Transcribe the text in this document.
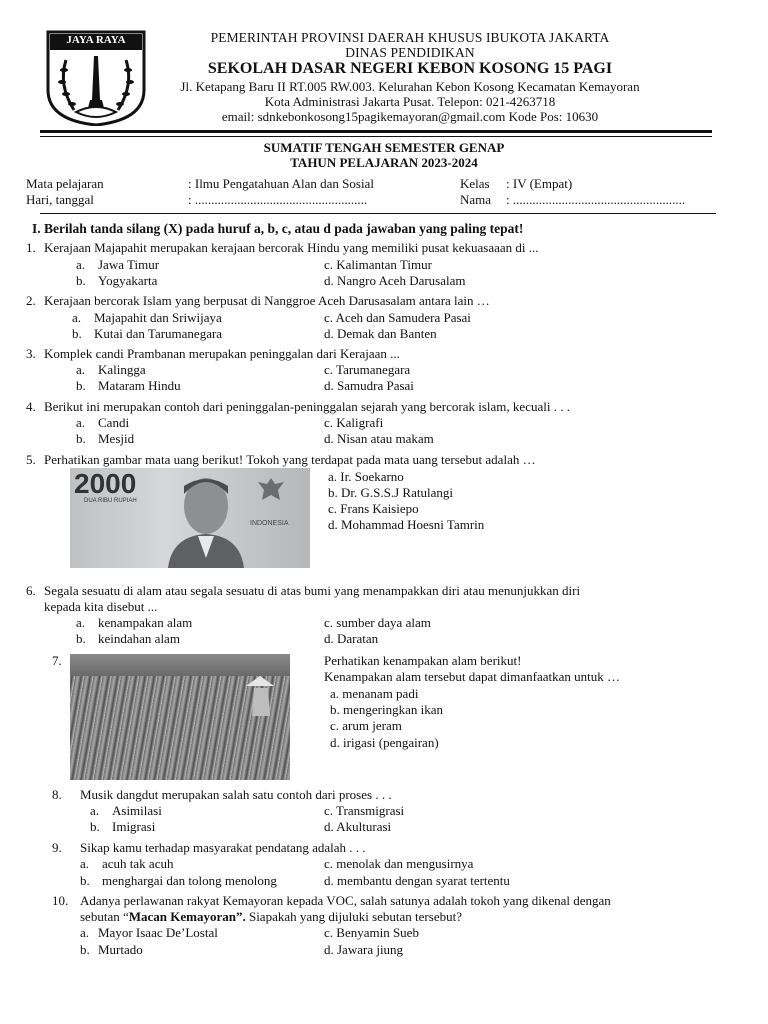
JAYA RAYA	PEMERINTAH PROVINSI DAERAH KHUSUS IBUKOTA JAKARTA
DINAS PENDIDIKAN
SEKOLAH DASAR NEGERI KEBON KOSONG 15 PAGI
Jl. Ketapang Baru II RT.005 RW.003. Kelurahan Kebon Kosong Kecamatan Kemayoran
Kota Administrasi Jakarta Pusat. Telepon: 021-4263718
email: sdnkebonkosong15pagikemayoran@gmail.com Kode Pos: 10630
SUMATIF TENGAH SEMESTER GENAP
TAHUN PELAJARAN 2023-2024
Mata pelajaran	: Ilmu Pengatahuan Alan dan Sosial
Hari, tanggal	: .....................................................
Kelas : IV (Empat)
Nama : .....................................................
I. Berilah tanda silang (X) pada huruf a, b, c, atau d pada jawaban yang paling tepat!
1. Kerajaan Majapahit merupakan kerajaan bercorak Hindu yang memiliki pusat kekuasaaan di ...
a. Jawa Timur
b. Yogyakarta
c. Kalimantan Timur
d. Nangro Aceh Darusalam
2. Kerajaan bercorak Islam yang berpusat di Nanggroe Aceh Darusasalam antara lain …
a. Majapahit dan Sriwijaya
b. Kutai dan Tarumanegara
c. Aceh dan Samudera Pasai
d. Demak dan Banten
3. Komplek candi Prambanan merupakan peninggalan dari Kerajaan ...
a. Kalingga
b. Mataram Hindu
c. Tarumanegara
d. Samudra Pasai
4. Berikut ini merupakan contoh dari peninggalan-peninggalan sejarah yang bercorak islam, kecuali . . .
a. Candi
b. Mesjid
c. Kaligrafi
d. Nisan atau makam
5. Perhatikan gambar mata uang berikut! Tokoh yang terdapat pada mata uang tersebut adalah …
2000
DUA RIBU RUPIAH
INDONESIA
a. Ir. Soekarno
b. Dr. G.S.S.J Ratulangi
c. Frans Kaisiepo
d. Mohammad Hoesni Tamrin
6. Segala sesuatu di alam atau segala sesuatu di atas bumi yang menampakkan diri atau menunjukkan diri
kepada kita disebut ...
a. kenampakan alam
b. keindahan alam
c. sumber daya alam
d. Daratan
7.	Perhatikan kenampakan alam berikut!
Kenampakan alam tersebut dapat dimanfaatkan untuk …
a. menanam padi
b. mengeringkan ikan
c. arum jeram
d. irigasi (pengairan)
8. Musik dangdut merupakan salah satu contoh dari proses . . .
a. Asimilasi
b. Imigrasi
c. Transmigrasi
d. Akulturasi
9. Sikap kamu terhadap masyarakat pendatang adalah . . .
a. acuh tak acuh
b. menghargai dan tolong menolong
c. menolak dan mengusirnya
d. membantu dengan syarat tertentu
10. Adanya perlawanan rakyat Kemayoran kepada VOC, salah satunya adalah tokoh yang dikenal dengan
sebutan “Macan Kemayoran”. Siapakah yang dijuluki sebutan tersebut?
a. Mayor Isaac De’Lostal
b. Murtado
c. Benyamin Sueb
d. Jawara jiung
